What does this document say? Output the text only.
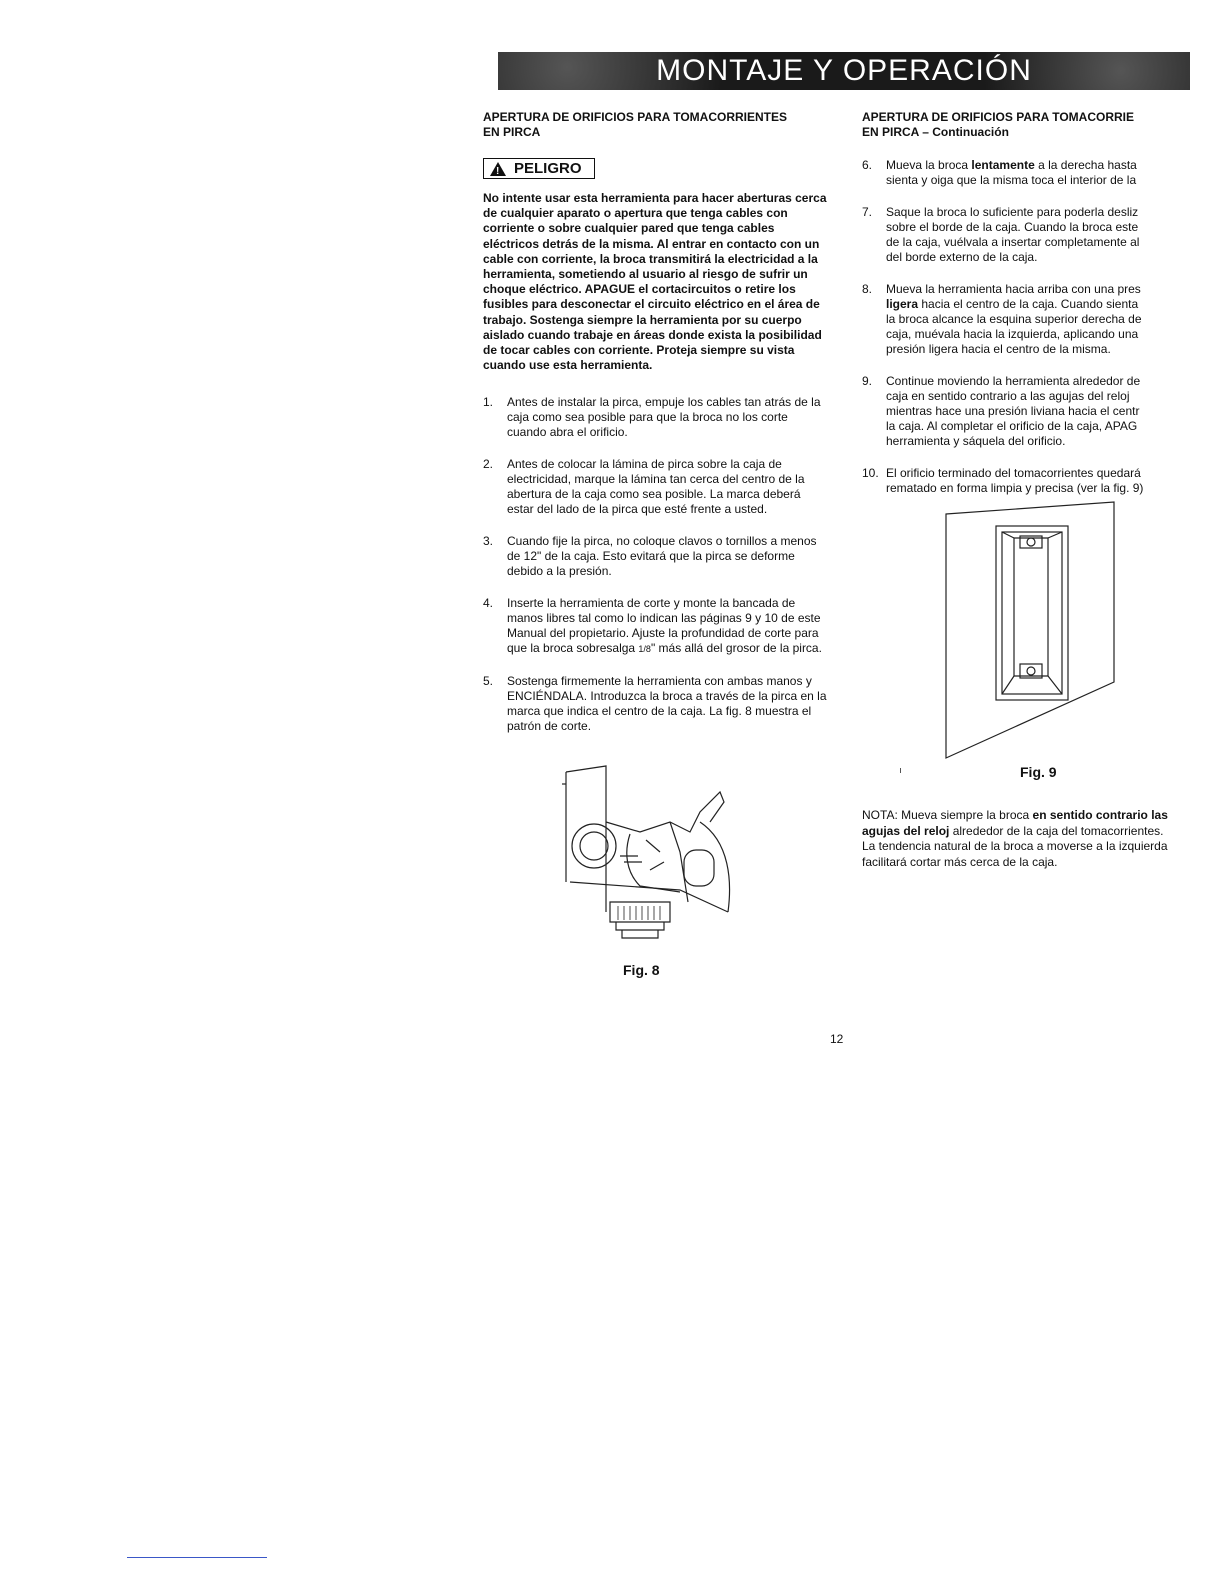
MONTAJE Y OPERACIÓN
APERTURA DE ORIFICIOS PARA TOMACORRIENTES
EN PIRCA
!
PELIGRO

No intente usar esta herramienta para hacer aberturas cerca de cualquier aparato o apertura que tenga cables con corriente o sobre cualquier pared que tenga cables eléctricos detrás de la misma. Al entrar en contacto con un cable con corriente, la broca transmitirá la electricidad a la herramienta, sometiendo al usuario al riesgo de sufrir un choque eléctrico. APAGUE el cortacircuitos o retire los fusibles para desconectar el circuito eléctrico en el área de trabajo. Sostenga siempre la herramienta por su cuerpo aislado cuando trabaje en áreas donde exista la posibilidad de tocar cables con corriente. Proteja siempre su vista cuando use esta herramienta.

1. Antes de instalar la pirca, empuje los cables tan atrás de la caja como sea posible para que la broca no los corte cuando abra el orificio.
2. Antes de colocar la lámina de pirca sobre la caja de electricidad, marque la lámina tan cerca del centro de la abertura de la caja como sea posible. La marca deberá estar del lado de la pirca que esté frente a usted.
3. Cuando fije la pirca, no coloque clavos o tornillos a menos de 12" de la caja. Esto evitará que la pirca se deforme debido a la presión.
4. Inserte la herramienta de corte y monte la bancada de manos libres tal como lo indican las páginas 9 y 10 de este Manual del propietario. Ajuste la profundidad de corte para que la broca sobresalga 1/8" más allá del grosor de la pirca.
5. Sostenga firmemente la herramienta con ambas manos y ENCIÉNDALA. Introduzca la broca a través de la pirca en la marca que indica el centro de la caja. La fig. 8 muestra el patrón de corte.
Fig. 8
APERTURA DE ORIFICIOS PARA TOMACORRIE
EN PIRCA – Continuación
6. Mueva la broca lentamente a la derecha hasta
sienta y oiga que la misma toca el interior de la
7. Saque la broca lo suficiente para poderla desliz
sobre el borde de la caja. Cuando la broca este
de la caja, vuélvala a insertar completamente al
del borde externo de la caja.
8. Mueva la herramienta hacia arriba con una pres
ligera hacia el centro de la caja. Cuando sienta
la broca alcance la esquina superior derecha de
caja, muévala hacia la izquierda, aplicando una
presión ligera hacia el centro de la misma.
9. Continue moviendo la herramienta alrededor de
caja en sentido contrario a las agujas del reloj
mientras hace una presión liviana hacia el centr
la caja. Al completar el orificio de la caja, APAG
herramienta y sáquela del orificio.
10. El orificio terminado del tomacorrientes quedará
rematado en forma limpia y precisa (ver la fig. 9)
Fig. 9
NOTA: Mueva siempre la broca en sentido contrario las agujas del reloj alrededor de la caja del tomacorrientes. La tendencia natural de la broca a moverse a la izquierda facilitará cortar más cerca de la caja.
12
